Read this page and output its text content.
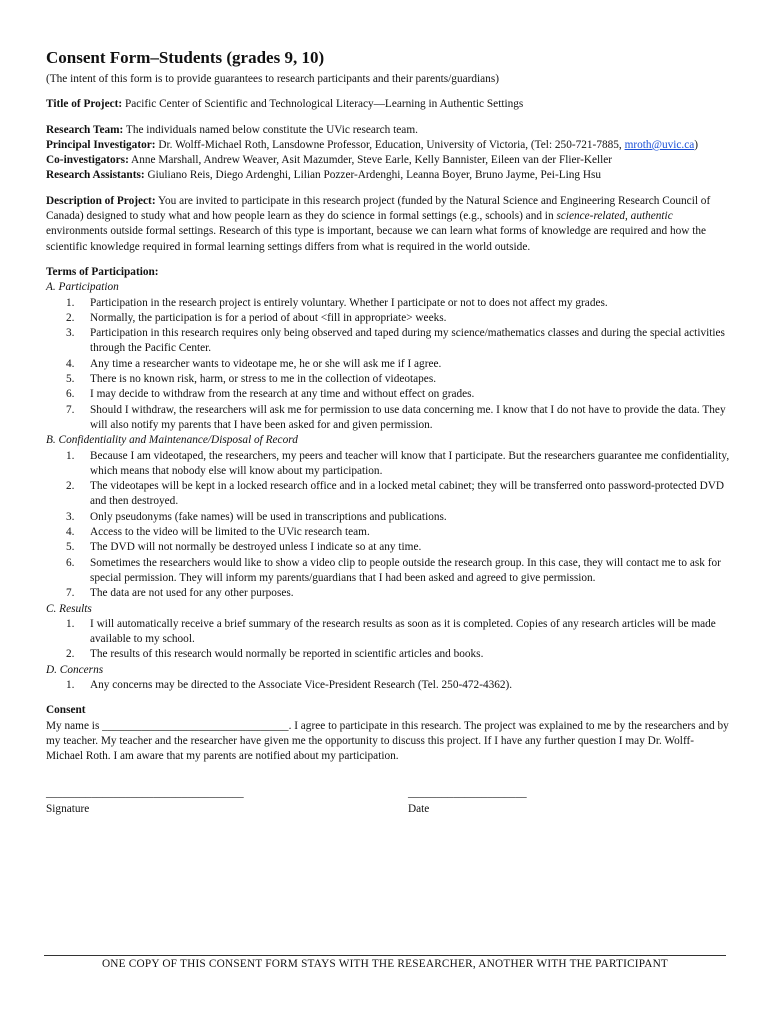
Consent Form–Students (grades 9, 10)

(The intent of this form is to provide guarantees to research participants and their parents/guardians)

Title of Project: Pacific Center of Scientific and Technological Literacy—Learning in Authentic Settings

Research Team: The individuals named below constitute the UVic research team.

Principal Investigator: Dr. Wolff-Michael Roth, Lansdowne Professor, Education, University of Victoria, (Tel: 250-721-7885, mroth@uvic.ca)

Co-investigators: Anne Marshall, Andrew Weaver, Asit Mazumder, Steve Earle, Kelly Bannister, Eileen van der Flier-Keller

Research Assistants: Giuliano Reis, Diego Ardenghi, Lilian Pozzer-Ardenghi, Leanna Boyer, Bruno Jayme, Pei-Ling Hsu

Description of Project: You are invited to participate in this research project (funded by the Natural Science and Engineering Research Council of Canada) designed to study what and how people learn as they do science in formal settings (e.g., schools) and in science-related, authentic environments outside formal settings. Research of this type is important, because we can learn what forms of knowledge are required and how the scientific knowledge required in formal learning settings differs from what is required in the world outside.

Terms of Participation:

A. Participation

1. Participation in the research project is entirely voluntary. Whether I participate or not to does not affect my grades.
2. Normally, the participation is for a period of about <fill in appropriate> weeks.
3. Participation in this research requires only being observed and taped during my science/mathematics classes and during the special activities through the Pacific Center.
4. Any time a researcher wants to videotape me, he or she will ask me if I agree.
5. There is no known risk, harm, or stress to me in the collection of videotapes.
6. I may decide to withdraw from the research at any time and without effect on grades.
7. Should I withdraw, the researchers will ask me for permission to use data concerning me. I know that I do not have to provide the data. They will also notify my parents that I have been asked for and given permission.

B. Confidentiality and Maintenance/Disposal of Record

1. Because I am videotaped, the researchers, my peers and teacher will know that I participate. But the researchers guarantee me confidentiality, which means that nobody else will know about my participation.
2. The videotapes will be kept in a locked research office and in a locked metal cabinet; they will be transferred onto password-protected DVD and then destroyed.
3. Only pseudonyms (fake names) will be used in transcriptions and publications.
4. Access to the video will be limited to the UVic research team.
5. The DVD will not normally be destroyed unless I indicate so at any time.
6. Sometimes the researchers would like to show a video clip to people outside the research group. In this case, they will contact me to ask for special permission. They will inform my parents/guardians that I had been asked and agreed to give permission.
7. The data are not used for any other purposes.

C. Results

1. I will automatically receive a brief summary of the research results as soon as it is completed. Copies of any research articles will be made available to my school.
2. The results of this research would normally be reported in scientific articles and books.

D. Concerns

1. Any concerns may be directed to the Associate Vice-President Research (Tel. 250-472-4362).

Consent

My name is _________________________________. I agree to participate in this research. The project was explained to me by the researchers and by my teacher. My teacher and the researcher have given me the opportunity to discuss this project. If I have any further question I may Dr. Wolff-Michael Roth. I am aware that my parents are notified about my participation.

___________________________________
Signature
_____________________
Date
ONE COPY OF THIS CONSENT FORM STAYS WITH THE RESEARCHER, ANOTHER WITH THE PARTICIPANT
